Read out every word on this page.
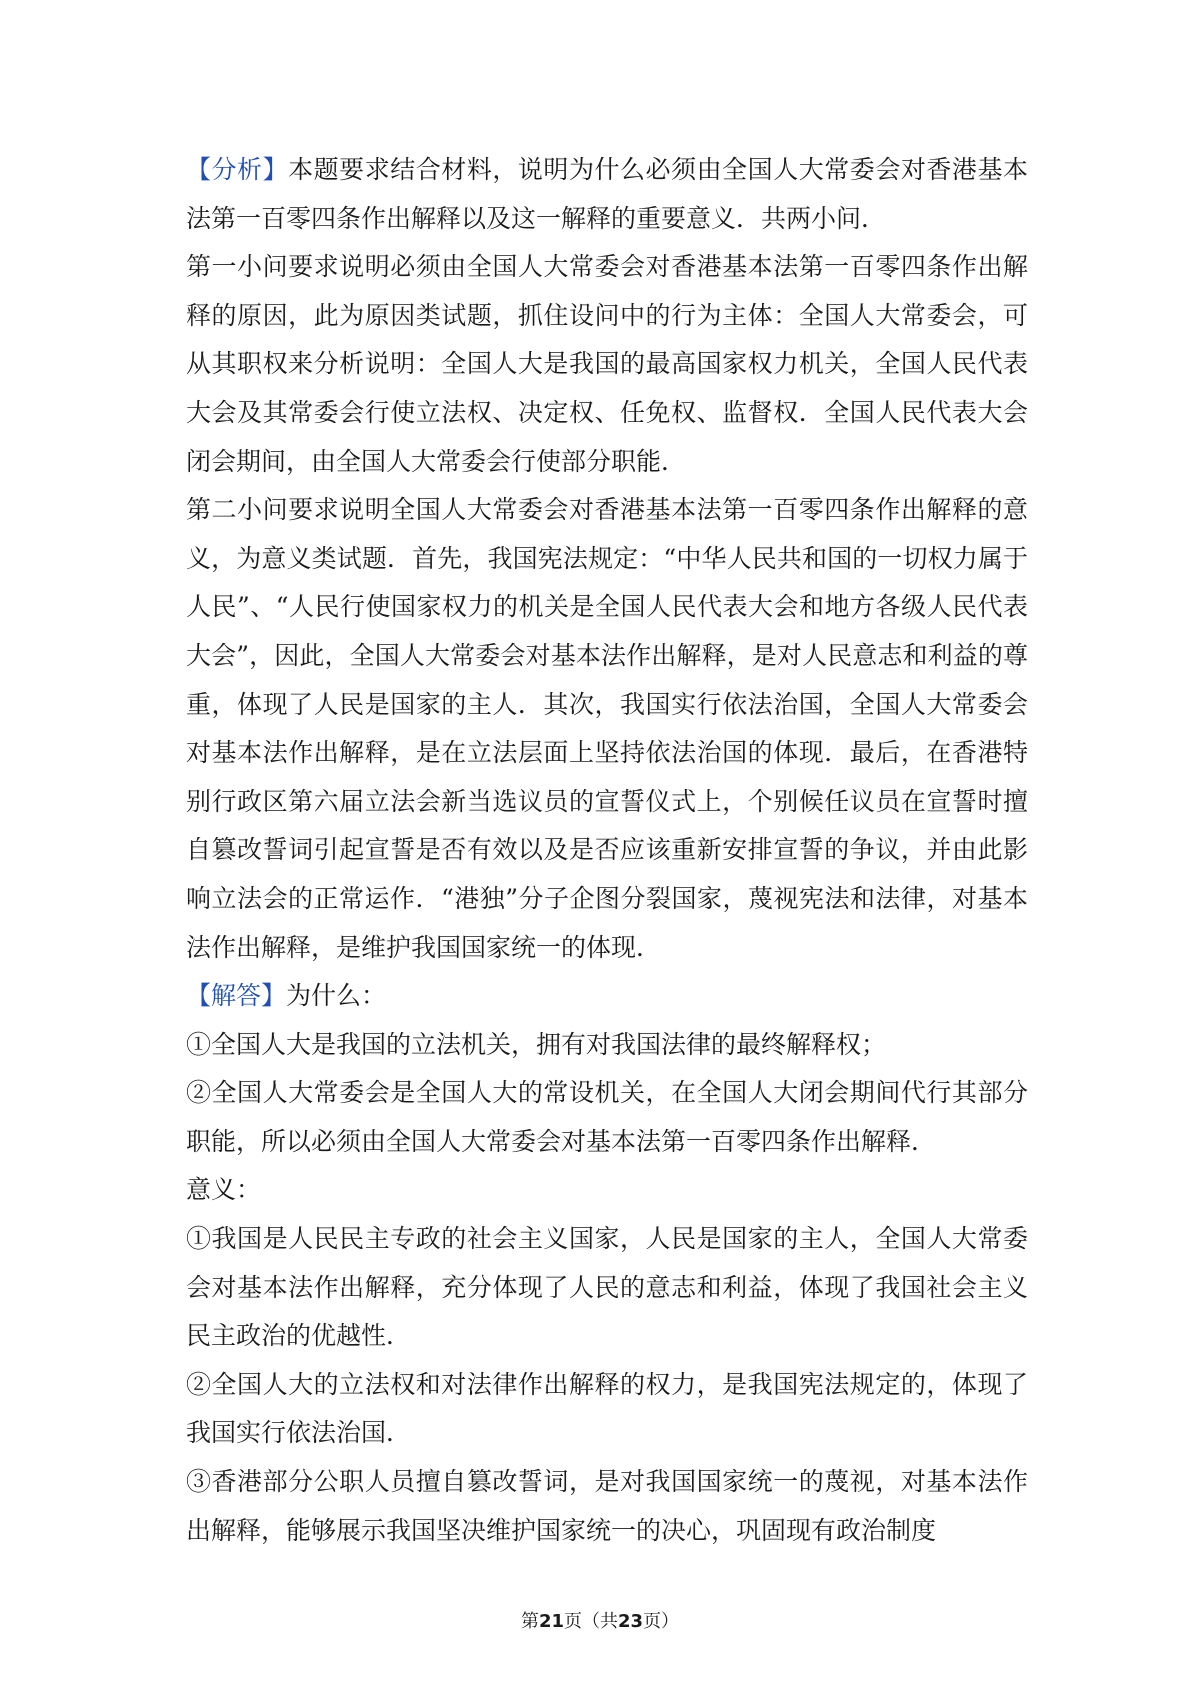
【分析】本题要求结合材料，说明为什么必须由全国人大常委会对香港基本法第一百零四条作出解释以及这一解释的重要意义．共两小问．

第一小问要求说明必须由全国人大常委会对香港基本法第一百零四条作出解释的原因，此为原因类试题，抓住设问中的行为主体：全国人大常委会，可从其职权来分析说明：全国人大是我国的最高国家权力机关，全国人民代表大会及其常委会行使立法权、决定权、任免权、监督权．全国人民代表大会闭会期间，由全国人大常委会行使部分职能．

第二小问要求说明全国人大常委会对香港基本法第一百零四条作出解释的意义，为意义类试题．首先，我国宪法规定：“中华人民共和国的一切权力属于人民”、“人民行使国家权力的机关是全国人民代表大会和地方各级人民代表大会”，因此，全国人大常委会对基本法作出解释，是对人民意志和利益的尊重，体现了人民是国家的主人．其次，我国实行依法治国，全国人大常委会对基本法作出解释，是在立法层面上坚持依法治国的体现．最后，在香港特别行政区第六届立法会新当选议员的宣誓仪式上，个别候任议员在宣誓时擅自篡改誓词引起宣誓是否有效以及是否应该重新安排宣誓的争议，并由此影响立法会的正常运作．“港独”分子企图分裂国家，蔑视宪法和法律，对基本法作出解释，是维护我国国家统一的体现．

【解答】为什么：

①全国人大是我国的立法机关，拥有对我国法律的最终解释权；

②全国人大常委会是全国人大的常设机关，在全国人大闭会期间代行其部分职能，所以必须由全国人大常委会对基本法第一百零四条作出解释．

意义：

①我国是人民民主专政的社会主义国家，人民是国家的主人，全国人大常委会对基本法作出解释，充分体现了人民的意志和利益，体现了我国社会主义民主政治的优越性．

②全国人大的立法权和对法律作出解释的权力，是我国宪法规定的，体现了我国实行依法治国．

③香港部分公职人员擅自篡改誓词，是对我国国家统一的蔑视，对基本法作出解释，能够展示我国坚决维护国家统一的决心，巩固现有政治制度

第21页（共23页）
